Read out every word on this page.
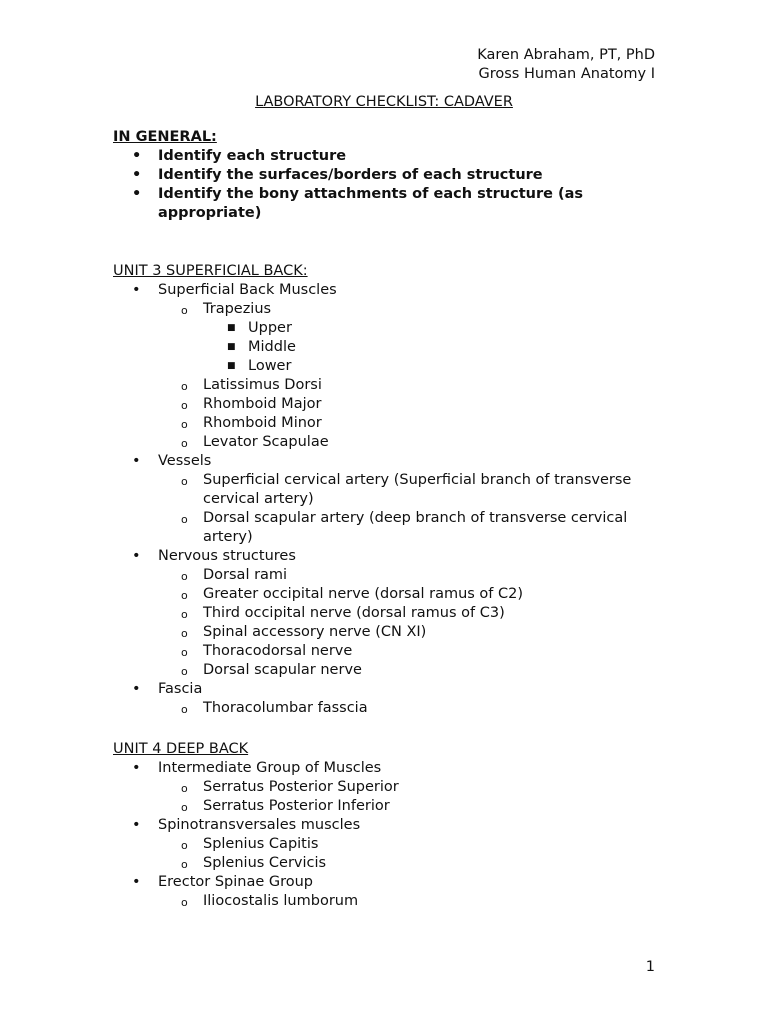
Karen Abraham, PT, PhD
Gross Human Anatomy I
LABORATORY CHECKLIST: CADAVER
IN GENERAL:
• Identify each structure
• Identify the surfaces/borders of each structure
• Identify the bony attachments of each structure (as appropriate)
UNIT 3 SUPERFICIAL BACK:
• Superficial Back Muscles
o Trapezius
■ Upper
■ Middle
■ Lower
o Latissimus Dorsi
o Rhomboid Major
o Rhomboid Minor
o Levator Scapulae
• Vessels
o Superficial cervical artery (Superficial branch of transverse cervical artery)
o Dorsal scapular artery (deep branch of transverse cervical artery)
• Nervous structures
o Dorsal rami
o Greater occipital nerve (dorsal ramus of C2)
o Third occipital nerve (dorsal ramus of C3)
o Spinal accessory nerve (CN XI)
o Thoracodorsal nerve
o Dorsal scapular nerve
• Fascia
o Thoracolumbar fasscia
UNIT 4 DEEP BACK
• Intermediate Group of Muscles
o Serratus Posterior Superior
o Serratus Posterior Inferior
• Spinotransversales muscles
o Splenius Capitis
o Splenius Cervicis
• Erector Spinae Group
o Iliocostalis lumborum
1
